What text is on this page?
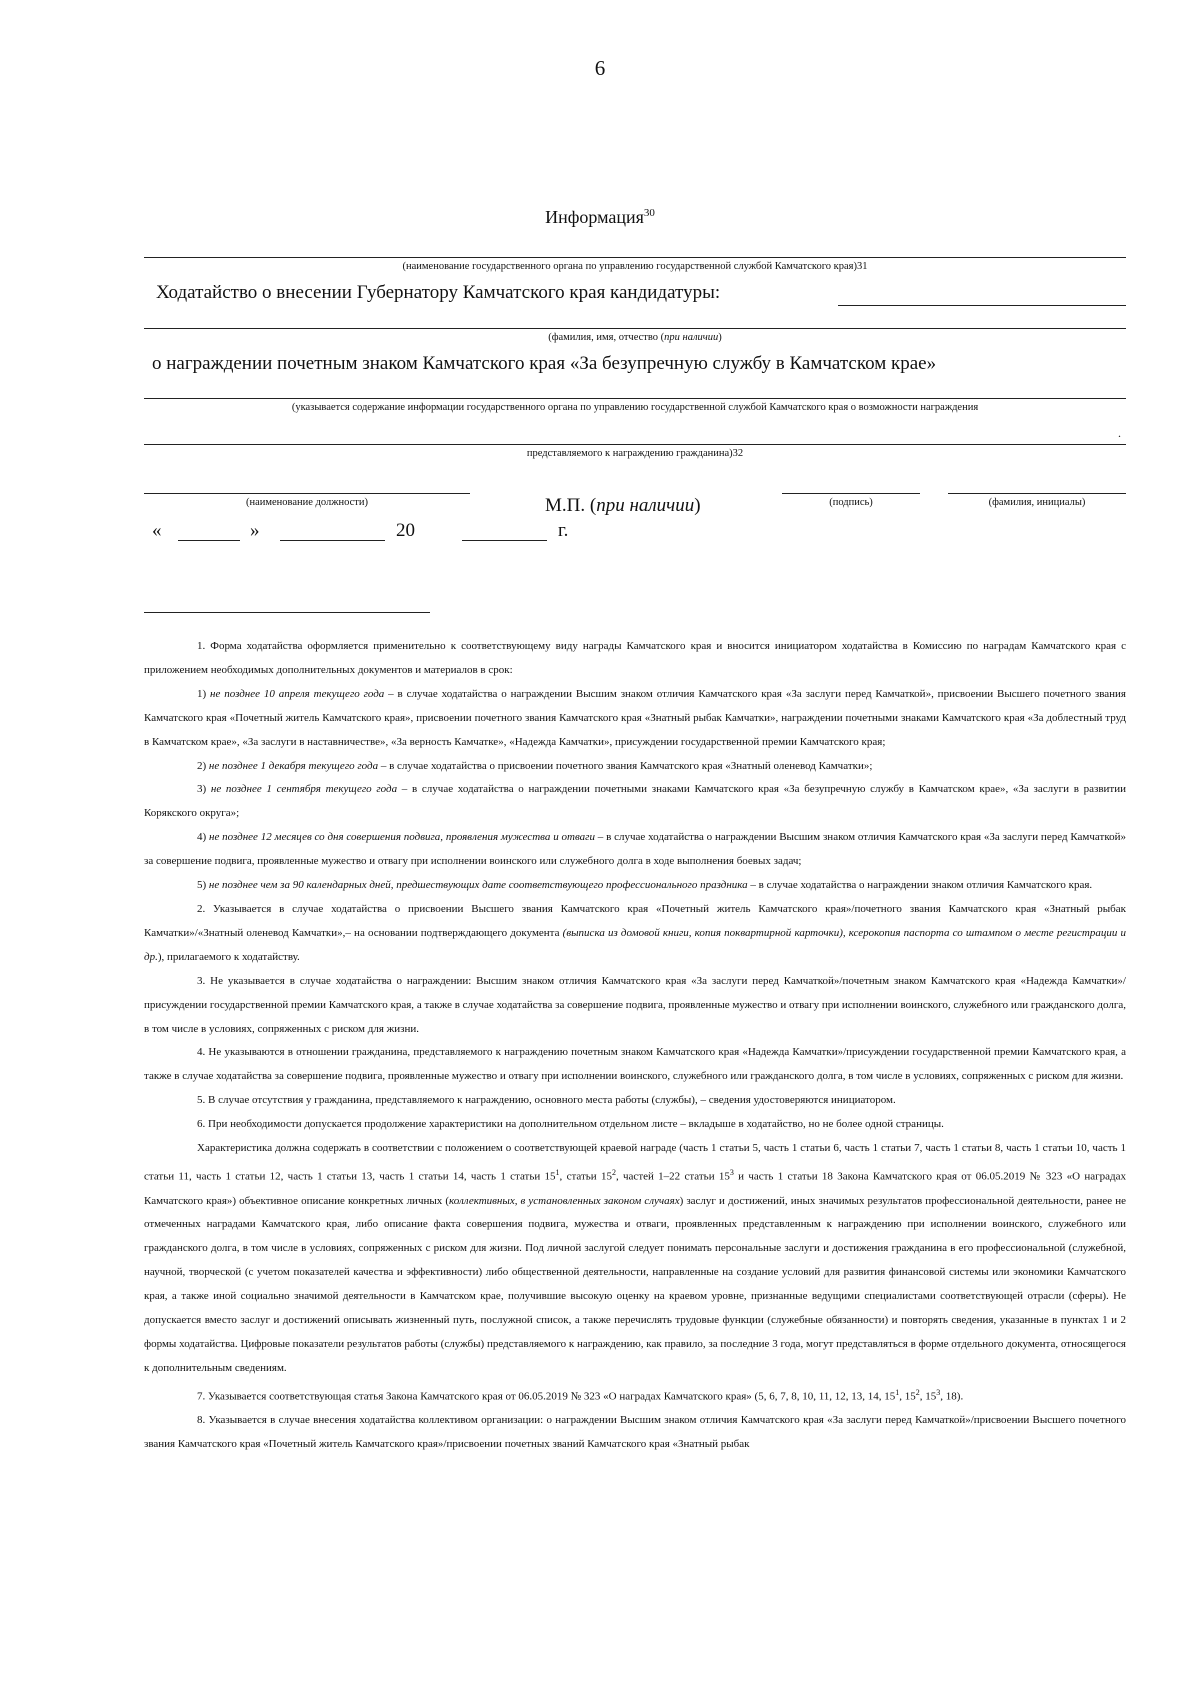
6
Информация$^{30}$
(наименование государственного органа по управлению государственной службой Камчатского края)31
Ходатайство о внесении Губернатору Камчатского края кандидатуры:
(фамилия, имя, отчество (при наличии)
о награждении почетным знаком Камчатского края «За безупречную службу в Камчатском крае»
(указывается содержание информации государственного органа по управлению государственной службой Камчатского края о возможности награждения
.
представляемого к награждению гражданина)32
(наименование должности)	М.П. (при наличии)	(подпись)	(фамилия, инициалы)
«	»	20	г.

1. Форма ходатайства оформляется применительно к соответствующему виду награды Камчатского края и вносится инициатором ходатайства в Комиссию по наградам Камчатского края с приложением необходимых дополнительных документов и материалов в срок:

1) не позднее 10 апреля текущего года – в случае ходатайства о награждении Высшим знаком отличия Камчатского края «За заслуги перед Камчаткой», присвоении Высшего почетного звания Камчатского края «Почетный житель Камчатского края», присвоении почетного звания Камчатского края «Знатный рыбак Камчатки», награждении почетными знаками Камчатского края «За доблестный труд в Камчатском крае», «За заслуги в наставничестве», «За верность Камчатке», «Надежда Камчатки», присуждении государственной премии Камчатского края;

2) не позднее 1 декабря текущего года – в случае ходатайства о присвоении почетного звания Камчатского края «Знатный оленевод Камчатки»;

3) не позднее 1 сентября текущего года – в случае ходатайства о награждении почетными знаками Камчатского края «За безупречную службу в Камчатском крае», «За заслуги в развитии Корякского округа»;

4) не позднее 12 месяцев со дня совершения подвига, проявления мужества и отваги – в случае ходатайства о награждении Высшим знаком отличия Камчатского края «За заслуги перед Камчаткой» за совершение подвига, проявленные мужество и отвагу при исполнении воинского или служебного долга в ходе выполнения боевых задач;

5) не позднее чем за 90 календарных дней, предшествующих дате соответствующего профессионального праздника – в случае ходатайства о награждении знаком отличия Камчатского края.

2. Указывается в случае ходатайства о присвоении Высшего звания Камчатского края «Почетный житель Камчатского края»/почетного звания Камчатского края «Знатный рыбак Камчатки»/«Знатный оленевод Камчатки»,– на основании подтверждающего документа (выписка из домовой книги, копия поквартирной карточки), ксерокопия паспорта со штампом о месте регистрации и др.), прилагаемого к ходатайству.

3. Не указывается в случае ходатайства о награждении: Высшим знаком отличия Камчатского края «За заслуги перед Камчаткой»/почетным знаком Камчатского края «Надежда Камчатки»/присуждении государственной премии Камчатского края, а также в случае ходатайства за совершение подвига, проявленные мужество и отвагу при исполнении воинского, служебного или гражданского долга, в том числе в условиях, сопряженных с риском для жизни.

4. Не указываются в отношении гражданина, представляемого к награждению почетным знаком Камчатского края «Надежда Камчатки»/присуждении государственной премии Камчатского края, а также в случае ходатайства за совершение подвига, проявленные мужество и отвагу при исполнении воинского, служебного или гражданского долга, в том числе в условиях, сопряженных с риском для жизни.

5. В случае отсутствия у гражданина, представляемого к награждению, основного места работы (службы), – сведения удостоверяются инициатором.

6. При необходимости допускается продолжение характеристики на дополнительном отдельном листе – вкладыше в ходатайство, но не более одной страницы.

Характеристика должна содержать в соответствии с положением о соответствующей краевой награде (часть 1 статьи 5, часть 1 статьи 6, часть 1 статьи 7, часть 1 статьи 8, часть 1 статьи 10, часть 1 статьи 11, часть 1 статьи 12, часть 1 статьи 13, часть 1 статьи 14, часть 1 статьи $15^1$, статьи $15^2$, частей 1–22 статьи $15^3$ и часть 1 статьи 18 Закона Камчатского края от 06.05.2019 № 323 «О наградах Камчатского края») объективное описание конкретных личных (коллективных, в установленных законом случаях) заслуг и достижений, иных значимых результатов профессиональной деятельности, ранее не отмеченных наградами Камчатского края, либо описание факта совершения подвига, мужества и отваги, проявленных представленным к награждению при исполнении воинского, служебного или гражданского долга, в том числе в условиях, сопряженных с риском для жизни. Под личной заслугой следует понимать персональные заслуги и достижения гражданина в его профессиональной (служебной, научной, творческой (с учетом показателей качества и эффективности) либо общественной деятельности, направленные на создание условий для развития финансовой системы или экономики Камчатского края, а также иной социально значимой деятельности в Камчатском крае, получившие высокую оценку на краевом уровне, признанные ведущими специалистами соответствующей отрасли (сферы). Не допускается вместо заслуг и достижений описывать жизненный путь, послужной список, а также перечислять трудовые функции (служебные обязанности) и повторять сведения, указанные в пунктах 1 и 2 формы ходатайства. Цифровые показатели результатов работы (службы) представляемого к награждению, как правило, за последние 3 года, могут представляться в форме отдельного документа, относящегося к дополнительным сведениям.

7. Указывается соответствующая статья Закона Камчатского края от 06.05.2019 № 323 «О наградах Камчатского края» (5, 6, 7, 8, 10, 11, 12, 13, 14, $15^1$, $15^2$, $15^3$, 18).

8. Указывается в случае внесения ходатайства коллективом организации: о награждении Высшим знаком отличия Камчатского края «За заслуги перед Камчаткой»/присвоении Высшего почетного звания Камчатского края «Почетный житель Камчатского края»/присвоении почетных званий Камчатского края «Знатный рыбак
